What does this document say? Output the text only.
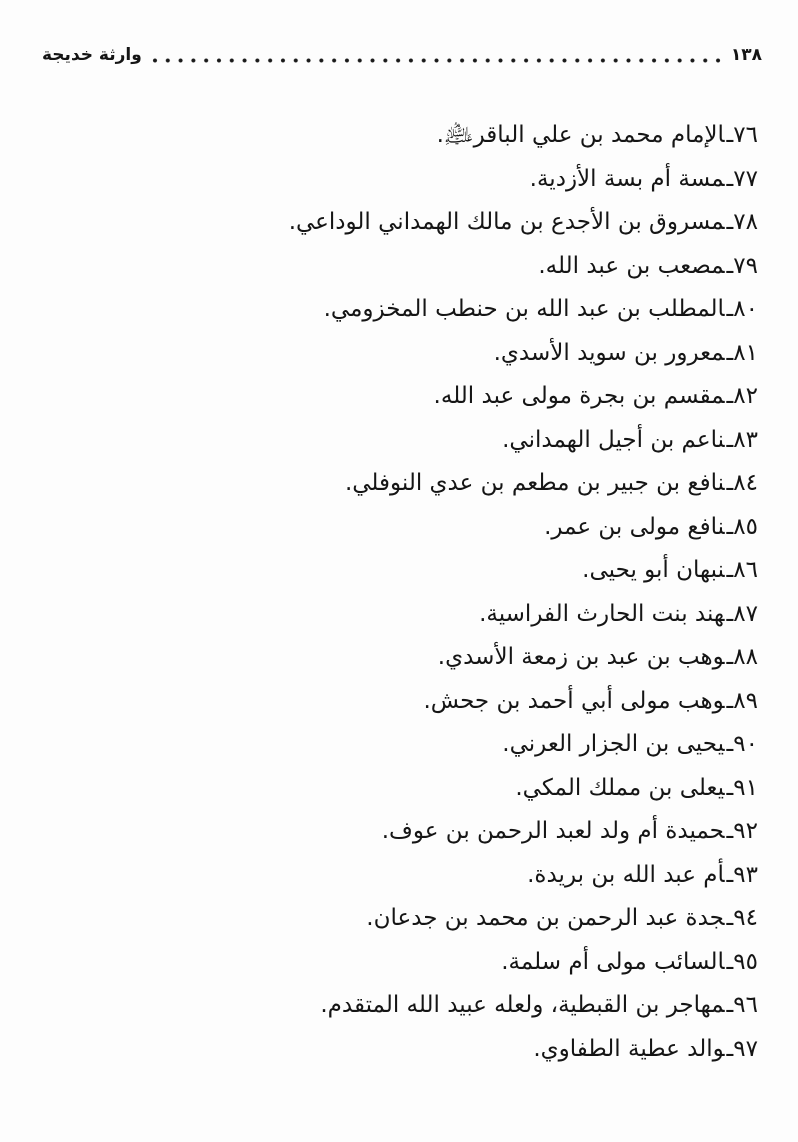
١٣٨
وارثة خديجة
٧٦ـالإمام محمد بن علي الباقر﵇.
٧٧ـمسة أم بسة الأزدية.
٧٨ـمسروق بن الأجدع بن مالك الهمداني الوداعي.
٧٩ـمصعب بن عبد الله.
٨٠ـالمطلب بن عبد الله بن حنطب المخزومي.
٨١ـمعرور بن سويد الأسدي.
٨٢ـمقسم بن بجرة مولى عبد الله.
٨٣ـناعم بن أجيل الهمداني.
٨٤ـنافع بن جبير بن مطعم بن عدي النوفلي.
٨٥ـنافع مولى بن عمر.
٨٦ـنبهان أبو يحيى.
٨٧ـهند بنت الحارث الفراسية.
٨٨ـوهب بن عبد بن زمعة الأسدي.
٨٩ـوهب مولى أبي أحمد بن جحش.
٩٠ـيحيى بن الجزار العرني.
٩١ـيعلى بن مملك المكي.
٩٢ـحميدة أم ولد لعبد الرحمن بن عوف.
٩٣ـأم عبد الله بن بريدة.
٩٤ـجدة عبد الرحمن بن محمد بن جدعان.
٩٥ـالسائب مولى أم سلمة.
٩٦ـمهاجر بن القبطية، ولعله عبيد الله المتقدم.
٩٧ـوالد عطية الطفاوي.
